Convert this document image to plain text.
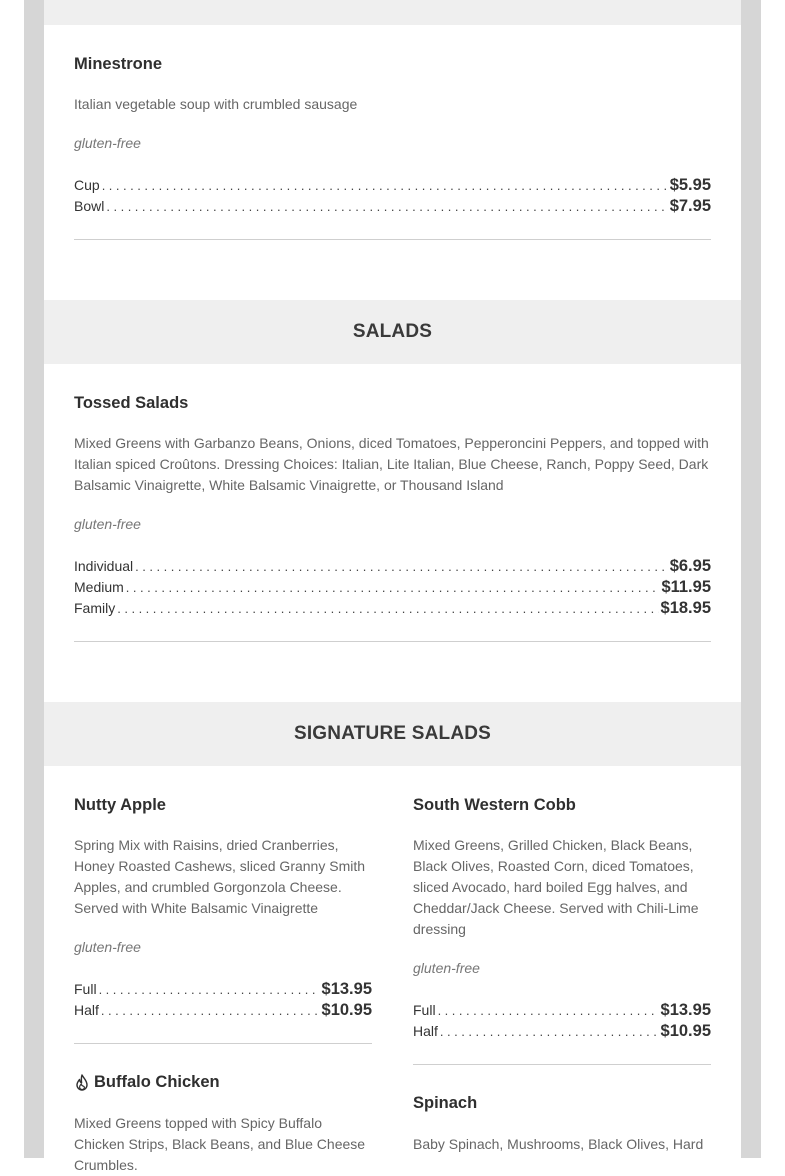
Minestrone
Italian vegetable soup with crumbled sausage
gluten-free
Cup .....	$5.95
Bowl .....	$7.95
SALADS
Tossed Salads
Mixed Greens with Garbanzo Beans, Onions, diced Tomatoes, Pepperoncini Peppers, and topped with Italian spiced Croûtons. Dressing Choices: Italian, Lite Italian, Blue Cheese, Ranch, Poppy Seed, Dark Balsamic Vinaigrette, White Balsamic Vinaigrette, or Thousand Island
gluten-free
Individual .....	$6.95
Medium .....	$11.95
Family .....	$18.95
SIGNATURE SALADS
Nutty Apple
Spring Mix with Raisins, dried Cranberries, Honey Roasted Cashews, sliced Granny Smith Apples, and crumbled Gorgonzola Cheese. Served with White Balsamic Vinaigrette
gluten-free
Full .....	$13.95
Half .....	$10.95
South Western Cobb
Mixed Greens, Grilled Chicken, Black Beans, Black Olives, Roasted Corn, diced Tomatoes, sliced Avocado, hard boiled Egg halves, and Cheddar/Jack Cheese. Served with Chili-Lime dressing
gluten-free
Full .....	$13.95
Half .....	$10.95
Buffalo Chicken
Mixed Greens topped with Spicy Buffalo Chicken Strips, Black Beans, and Blue Cheese Crumbles.
Spinach
Baby Spinach, Mushrooms, Black Olives, Hard
